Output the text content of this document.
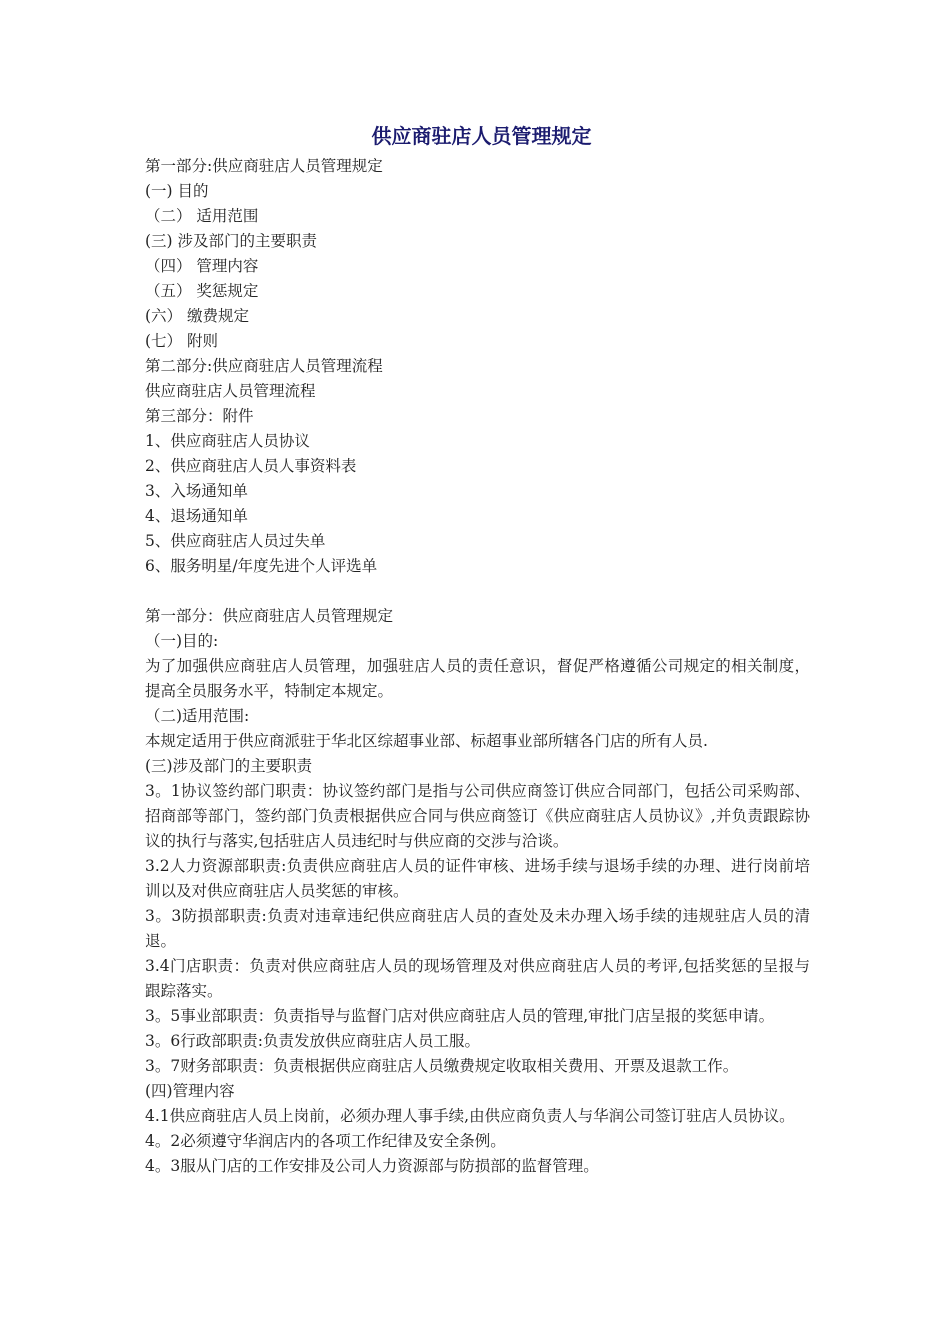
供应商驻店人员管理规定
第一部分:供应商驻店人员管理规定
(一) 目的
（二） 适用范围
(三) 涉及部门的主要职责
（四） 管理内容
（五） 奖惩规定
(六） 缴费规定
(七） 附则
第二部分:供应商驻店人员管理流程
供应商驻店人员管理流程
第三部分：附件
1、供应商驻店人员协议
2、供应商驻店人员人事资料表
3、入场通知单
4、退场通知单
5、供应商驻店人员过失单
6、服务明星/年度先进个人评选单
第一部分：供应商驻店人员管理规定
（一)目的:
为了加强供应商驻店人员管理，加强驻店人员的责任意识，督促严格遵循公司规定的相关制度，提高全员服务水平，特制定本规定。
（二)适用范围:
本规定适用于供应商派驻于华北区综超事业部、标超事业部所辖各门店的所有人员.
(三)涉及部门的主要职责
3。1协议签约部门职责：协议签约部门是指与公司供应商签订供应合同部门，包括公司采购部、招商部等部门，签约部门负责根据供应合同与供应商签订《供应商驻店人员协议》,并负责跟踪协议的执行与落实,包括驻店人员违纪时与供应商的交涉与洽谈。
3.2人力资源部职责:负责供应商驻店人员的证件审核、进场手续与退场手续的办理、进行岗前培训以及对供应商驻店人员奖惩的审核。
3。3防损部职责:负责对违章违纪供应商驻店人员的查处及未办理入场手续的违规驻店人员的清退。
3.4门店职责：负责对供应商驻店人员的现场管理及对供应商驻店人员的考评,包括奖惩的呈报与跟踪落实。
3。5事业部职责：负责指导与监督门店对供应商驻店人员的管理,审批门店呈报的奖惩申请。
3。6行政部职责:负责发放供应商驻店人员工服。
3。7财务部职责：负责根据供应商驻店人员缴费规定收取相关费用、开票及退款工作。
(四)管理内容
4.1供应商驻店人员上岗前，必须办理人事手续,由供应商负责人与华润公司签订驻店人员协议。
4。2必须遵守华润店内的各项工作纪律及安全条例。
4。3服从门店的工作安排及公司人力资源部与防损部的监督管理。
